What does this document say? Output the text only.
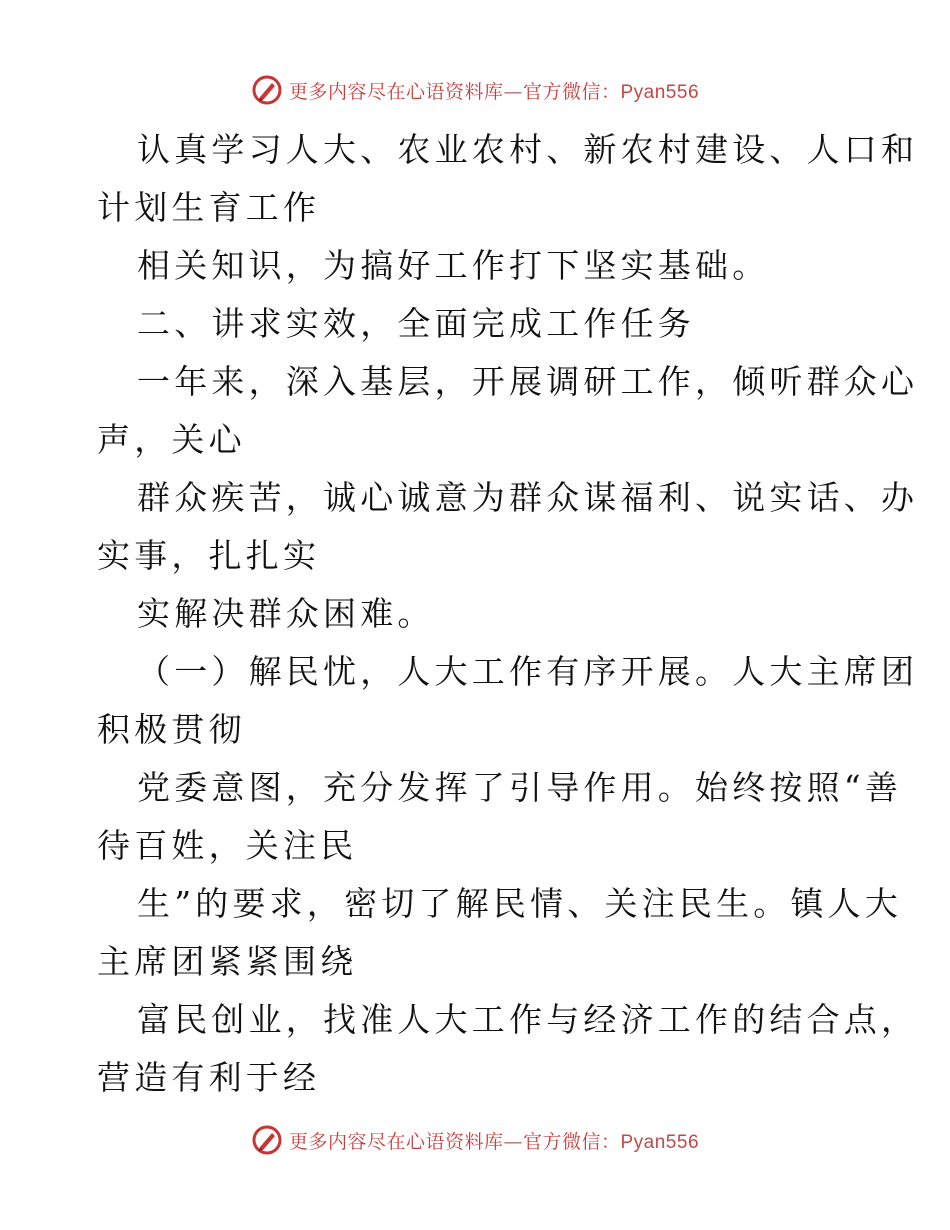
更多内容尽在心语资料库—官方微信：Pyan556
认真学习人大、农业农村、新农村建设、人口和
计划生育工作
相关知识，为搞好工作打下坚实基础。
二、讲求实效，全面完成工作任务
一年来，深入基层，开展调研工作，倾听群众心
声，关心
群众疾苦，诚心诚意为群众谋福利、说实话、办
实事，扎扎实
实解决群众困难。
（一）解民忧，人大工作有序开展。人大主席团
积极贯彻
党委意图，充分发挥了引导作用。始终按照“善
待百姓，关注民
生”的要求，密切了解民情、关注民生。镇人大
主席团紧紧围绕
富民创业，找准人大工作与经济工作的结合点，
营造有利于经
更多内容尽在心语资料库—官方微信：Pyan556
